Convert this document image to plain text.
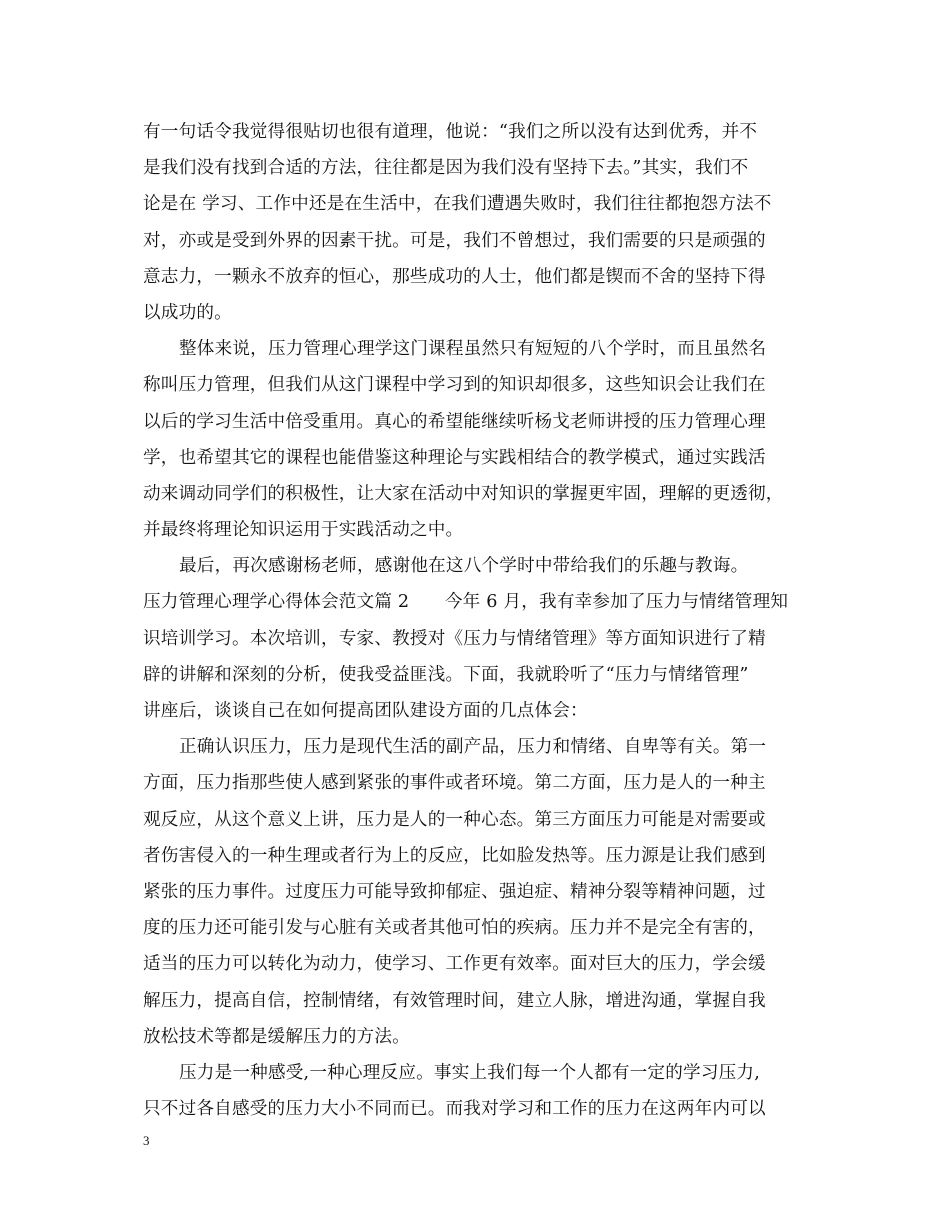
有一句话令我觉得很贴切也很有道理，他说：“我们之所以没有达到优秀，并不
是我们没有找到合适的方法，往往都是因为我们没有坚持下去。”其实，我们不
论是在 学习、工作中还是在生活中，在我们遭遇失败时，我们往往都抱怨方法不
对，亦或是受到外界的因素干扰。可是，我们不曾想过，我们需要的只是顽强的
意志力，一颗永不放弃的恒心，那些成功的人士，他们都是锲而不舍的坚持下得
以成功的。
整体来说，压力管理心理学这门课程虽然只有短短的八个学时，而且虽然名
称叫压力管理，但我们从这门课程中学习到的知识却很多，这些知识会让我们在
以后的学习生活中倍受重用。真心的希望能继续听杨戈老师讲授的压力管理心理
学，也希望其它的课程也能借鉴这种理论与实践相结合的教学模式，通过实践活
动来调动同学们的积极性，让大家在活动中对知识的掌握更牢固，理解的更透彻，
并最终将理论知识运用于实践活动之中。
最后，再次感谢杨老师，感谢他在这八个学时中带给我们的乐趣与教诲。
压力管理心理学心得体会范文篇 2　　今年 6 月，我有幸参加了压力与情绪管理知
识培训学习。本次培训，专家、教授对《压力与情绪管理》等方面知识进行了精
辟的讲解和深刻的分析，使我受益匪浅。下面，我就聆听了“压力与情绪管理”
讲座后，谈谈自己在如何提高团队建设方面的几点体会：
正确认识压力，压力是现代生活的副产品，压力和情绪、自卑等有关。第一
方面，压力指那些使人感到紧张的事件或者环境。第二方面，压力是人的一种主
观反应，从这个意义上讲，压力是人的一种心态。第三方面压力可能是对需要或
者伤害侵入的一种生理或者行为上的反应，比如脸发热等。压力源是让我们感到
紧张的压力事件。过度压力可能导致抑郁症、强迫症、精神分裂等精神问题，过
度的压力还可能引发与心脏有关或者其他可怕的疾病。压力并不是完全有害的，
适当的压力可以转化为动力，使学习、工作更有效率。面对巨大的压力，学会缓
解压力，提高自信，控制情绪，有效管理时间，建立人脉，增进沟通，掌握自我
放松技术等都是缓解压力的方法。
压力是一种感受,一种心理反应。事实上我们每一个人都有一定的学习压力,
只不过各自感受的压力大小不同而已。而我对学习和工作的压力在这两年内可以
3
